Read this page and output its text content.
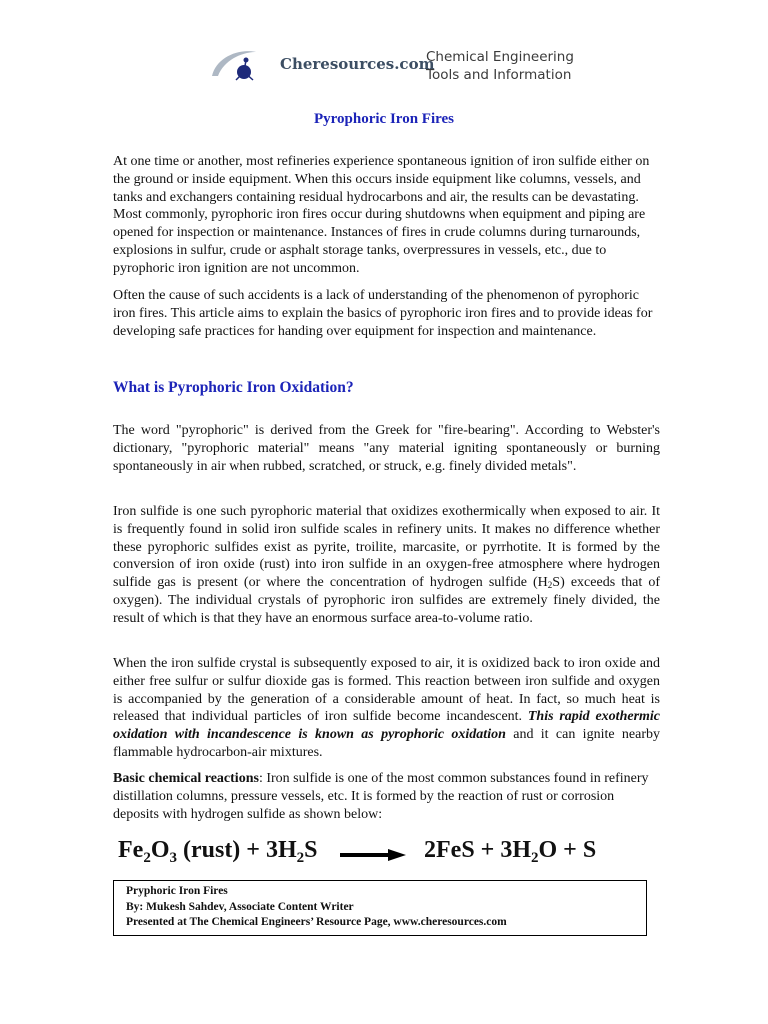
Cheresources.com
Chemical Engineering
Tools and Information
Pyrophoric Iron Fires

At one time or another, most refineries experience spontaneous ignition of iron sulfide either on the ground or inside equipment. When this occurs inside equipment like columns, vessels, and tanks and exchangers containing residual hydrocarbons and air, the results can be devastating. Most commonly, pyrophoric iron fires occur during shutdowns when equipment and piping are opened for inspection or maintenance. Instances of fires in crude columns during turnarounds, explosions in sulfur, crude or asphalt storage tanks, overpressures in vessels, etc., due to pyrophoric iron ignition are not uncommon.

Often the cause of such accidents is a lack of understanding of the phenomenon of pyrophoric iron fires. This article aims to explain the basics of pyrophoric iron fires and to provide ideas for developing safe practices for handing over equipment for inspection and maintenance.

What is Pyrophoric Iron Oxidation?

The word "pyrophoric" is derived from the Greek for "fire-bearing". According to Webster's dictionary, "pyrophoric material" means "any material igniting spontaneously or burning spontaneously in air when rubbed, scratched, or struck, e.g. finely divided metals".

Iron sulfide is one such pyrophoric material that oxidizes exothermically when exposed to air. It is frequently found in solid iron sulfide scales in refinery units. It makes no difference whether these pyrophoric sulfides exist as pyrite, troilite, marcasite, or pyrrhotite. It is formed by the conversion of iron oxide (rust) into iron sulfide in an oxygen-free atmosphere where hydrogen sulfide gas is present (or where the concentration of hydrogen sulfide $(H_2S)$ exceeds that of oxygen). The individual crystals of pyrophoric iron sulfides are extremely finely divided, the result of which is that they have an enormous surface area-to-volume ratio.

When the iron sulfide crystal is subsequently exposed to air, it is oxidized back to iron oxide and either free sulfur or sulfur dioxide gas is formed. This reaction between iron sulfide and oxygen is accompanied by the generation of a considerable amount of heat. In fact, so much heat is released that individual particles of iron sulfide become incandescent. This rapid exothermic oxidation with incandescence is known as pyrophoric oxidation and it can ignite nearby flammable hydrocarbon-air mixtures.

Basic chemical reactions: Iron sulfide is one of the most common substances found in refinery distillation columns, pressure vessels, etc. It is formed by the reaction of rust or corrosion deposits with hydrogen sulfide as shown below:

$Fe_2O_3$ (rust) + $3H_2S \to 2FeS + 3H_2O + S$
Pryphoric Iron Fires
By: Mukesh Sahdev, Associate Content Writer
Presented at The Chemical Engineers’ Resource Page, www.cheresources.com
